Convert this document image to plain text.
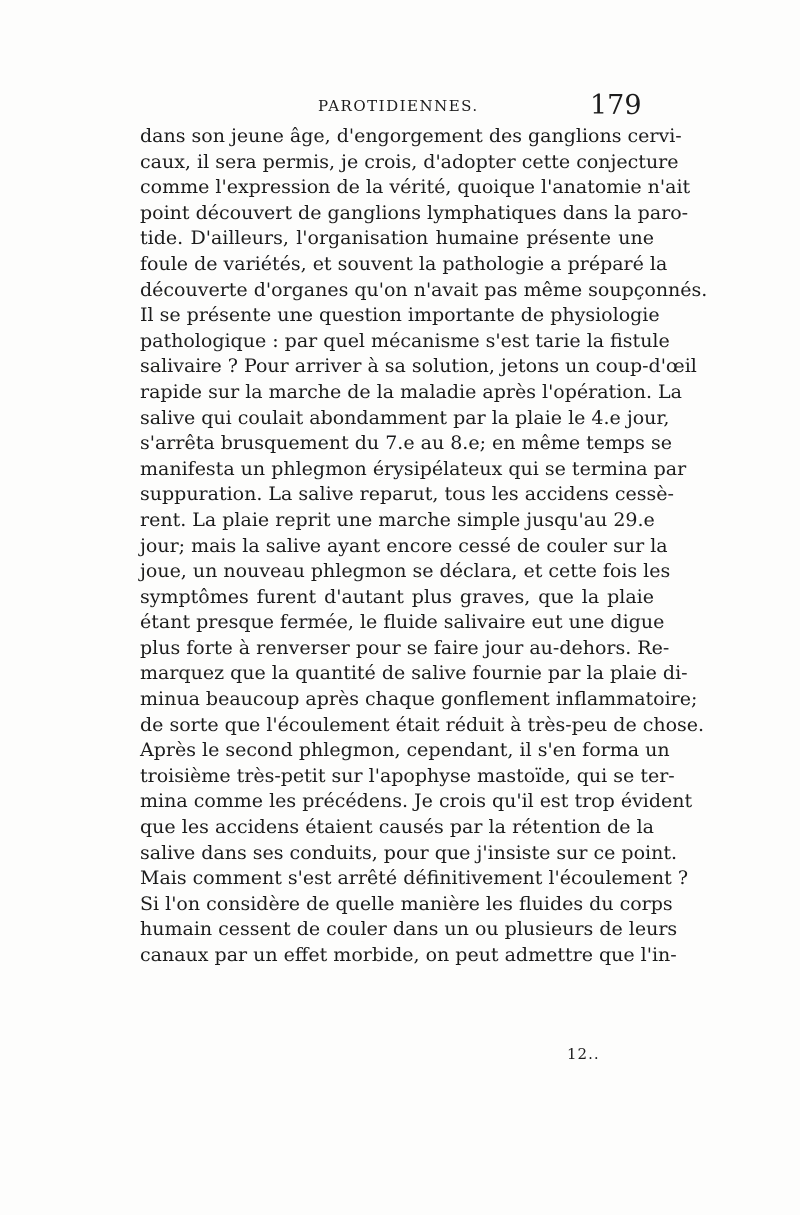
PAROTIDIENNES.	179
dans son jeune âge, d'engorgement des ganglions cervi-
caux, il sera permis, je crois, d'adopter cette conjecture
comme l'expression de la vérité, quoique l'anatomie n'ait
point découvert de ganglions lymphatiques dans la paro-
tide. D'ailleurs, l'organisation humaine présente une
foule de variétés, et souvent la pathologie a préparé la
découverte d'organes qu'on n'avait pas même soupçonnés.
Il se présente une question importante de physiologie
pathologique : par quel mécanisme s'est tarie la fistule
salivaire ? Pour arriver à sa solution, jetons un coup-d'œil
rapide sur la marche de la maladie après l'opération. La
salive qui coulait abondamment par la plaie le 4.e jour,
s'arrêta brusquement du 7.e au 8.e; en même temps se
manifesta un phlegmon érysipélateux qui se termina par
suppuration. La salive reparut, tous les accidens cessè-
rent. La plaie reprit une marche simple jusqu'au 29.e
jour; mais la salive ayant encore cessé de couler sur la
joue, un nouveau phlegmon se déclara, et cette fois les
symptômes furent d'autant plus graves, que la plaie
étant presque fermée, le fluide salivaire eut une digue
plus forte à renverser pour se faire jour au-dehors. Re-
marquez que la quantité de salive fournie par la plaie di-
minua beaucoup après chaque gonflement inflammatoire;
de sorte que l'écoulement était réduit à très-peu de chose.
Après le second phlegmon, cependant, il s'en forma un
troisième très-petit sur l'apophyse mastoïde, qui se ter-
mina comme les précédens. Je crois qu'il est trop évident
que les accidens étaient causés par la rétention de la
salive dans ses conduits, pour que j'insiste sur ce point.
Mais comment s'est arrêté définitivement l'écoulement ?
Si l'on considère de quelle manière les fluides du corps
humain cessent de couler dans un ou plusieurs de leurs
canaux par un effet morbide, on peut admettre que l'in-
12..
